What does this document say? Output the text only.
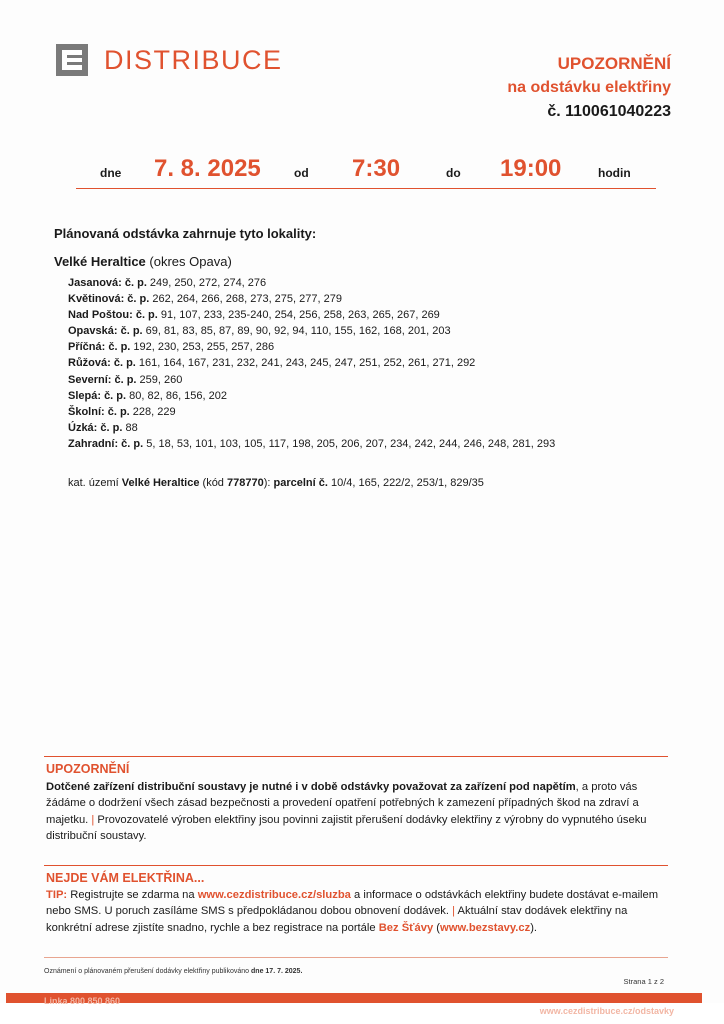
DISTRIBUCE	UPOZORNĚNÍ
na odstávku elektřiny
č. 110061040223
dne 7. 8. 2025	od 7:30	do 19:00	hodin
Plánovaná odstávka zahrnuje tyto lokality:
Velké Heraltice (okres Opava)
Jasanová: č. p. 249, 250, 272, 274, 276
Květinová: č. p. 262, 264, 266, 268, 273, 275, 277, 279
Nad Poštou: č. p. 91, 107, 233, 235-240, 254, 256, 258, 263, 265, 267, 269
Opavská: č. p. 69, 81, 83, 85, 87, 89, 90, 92, 94, 110, 155, 162, 168, 201, 203
Příčná: č. p. 192, 230, 253, 255, 257, 286
Růžová: č. p. 161, 164, 167, 231, 232, 241, 243, 245, 247, 251, 252, 261, 271, 292
Severní: č. p. 259, 260
Slepá: č. p. 80, 82, 86, 156, 202
Školní: č. p. 228, 229
Úzká: č. p. 88
Zahradní: č. p. 5, 18, 53, 101, 103, 105, 117, 198, 205, 206, 207, 234, 242, 244, 246, 248, 281, 293
kat. území Velké Heraltice (kód 778770): parcelní č. 10/4, 165, 222/2, 253/1, 829/35
UPOZORNĚNÍ
Dotčené zařízení distribuční soustavy je nutné i v době odstávky považovat za zařízení pod napětím, a proto vás žádáme o dodržení všech zásad bezpečnosti a provedení opatření potřebných k zamezení případných škod na zdraví a majetku. | Provozovatelé výroben elektřiny jsou povinni zajistit přerušení dodávky elektřiny z výrobny do vypnutého úseku distribuční soustavy.
NEJDE VÁM ELEKTŘINA...
TIP: Registrujte se zdarma na www.cezdistribuce.cz/sluzba a informace o odstávkách elektřiny budete dostávat e-mailem nebo SMS. U poruch zasíláme SMS s předpokládanou dobou obnovení dodávek. | Aktuální stav dodávek elektřiny na konkrétní adrese zjistíte snadno, rychle a bez registrace na portále Bez Šťávy (www.bezstavy.cz).
Oznámení o plánovaném přerušení dodávky elektřiny publikováno dne 17. 7. 2025.
Strana 1 z 2
Linka 800 850 860
www.cezdistribuce.cz/odstavky
